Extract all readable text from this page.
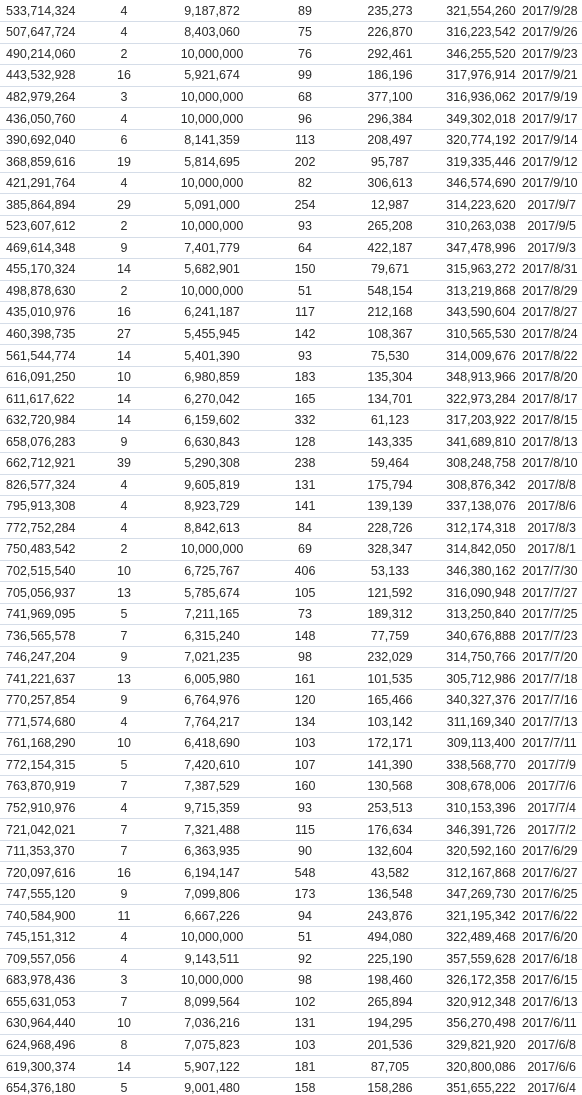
533,714,324	4	9,187,872	89	235,273	321,554,260	2017/9/28
507,647,724	4	8,403,060	75	226,870	316,223,542	2017/9/26
490,214,060	2	10,000,000	76	292,461	346,255,520	2017/9/23
443,532,928	16	5,921,674	99	186,196	317,976,914	2017/9/21
482,979,264	3	10,000,000	68	377,100	316,936,062	2017/9/19
436,050,760	4	10,000,000	96	296,384	349,302,018	2017/9/17
390,692,040	6	8,141,359	113	208,497	320,774,192	2017/9/14
368,859,616	19	5,814,695	202	95,787	319,335,446	2017/9/12
421,291,764	4	10,000,000	82	306,613	346,574,690	2017/9/10
385,864,894	29	5,091,000	254	12,987	314,223,620	2017/9/7
523,607,612	2	10,000,000	93	265,208	310,263,038	2017/9/5
469,614,348	9	7,401,779	64	422,187	347,478,996	2017/9/3
455,170,324	14	5,682,901	150	79,671	315,963,272	2017/8/31
498,878,630	2	10,000,000	51	548,154	313,219,868	2017/8/29
435,010,976	16	6,241,187	117	212,168	343,590,604	2017/8/27
460,398,735	27	5,455,945	142	108,367	310,565,530	2017/8/24
561,544,774	14	5,401,390	93	75,530	314,009,676	2017/8/22
616,091,250	10	6,980,859	183	135,304	348,913,966	2017/8/20
611,617,622	14	6,270,042	165	134,701	322,973,284	2017/8/17
632,720,984	14	6,159,602	332	61,123	317,203,922	2017/8/15
658,076,283	9	6,630,843	128	143,335	341,689,810	2017/8/13
662,712,921	39	5,290,308	238	59,464	308,248,758	2017/8/10
826,577,324	4	9,605,819	131	175,794	308,876,342	2017/8/8
795,913,308	4	8,923,729	141	139,139	337,138,076	2017/8/6
772,752,284	4	8,842,613	84	228,726	312,174,318	2017/8/3
750,483,542	2	10,000,000	69	328,347	314,842,050	2017/8/1
702,515,540	10	6,725,767	406	53,133	346,380,162	2017/7/30
705,056,937	13	5,785,674	105	121,592	316,090,948	2017/7/27
741,969,095	5	7,211,165	73	189,312	313,250,840	2017/7/25
736,565,578	7	6,315,240	148	77,759	340,676,888	2017/7/23
746,247,204	9	7,021,235	98	232,029	314,750,766	2017/7/20
741,221,637	13	6,005,980	161	101,535	305,712,986	2017/7/18
770,257,854	9	6,764,976	120	165,466	340,327,376	2017/7/16
771,574,680	4	7,764,217	134	103,142	311,169,340	2017/7/13
761,168,290	10	6,418,690	103	172,171	309,113,400	2017/7/11
772,154,315	5	7,420,610	107	141,390	338,568,770	2017/7/9
763,870,919	7	7,387,529	160	130,568	308,678,006	2017/7/6
752,910,976	4	9,715,359	93	253,513	310,153,396	2017/7/4
721,042,021	7	7,321,488	115	176,634	346,391,726	2017/7/2
711,353,370	7	6,363,935	90	132,604	320,592,160	2017/6/29
720,097,616	16	6,194,147	548	43,582	312,167,868	2017/6/27
747,555,120	9	7,099,806	173	136,548	347,269,730	2017/6/25
740,584,900	11	6,667,226	94	243,876	321,195,342	2017/6/22
745,151,312	4	10,000,000	51	494,080	322,489,468	2017/6/20
709,557,056	4	9,143,511	92	225,190	357,559,628	2017/6/18
683,978,436	3	10,000,000	98	198,460	326,172,358	2017/6/15
655,631,053	7	8,099,564	102	265,894	320,912,348	2017/6/13
630,964,440	10	7,036,216	131	194,295	356,270,498	2017/6/11
624,968,496	8	7,075,823	103	201,536	329,821,920	2017/6/8
619,300,374	14	5,907,122	181	87,705	320,800,086	2017/6/6
654,376,180	5	9,001,480	158	158,286	351,655,222	2017/6/4
